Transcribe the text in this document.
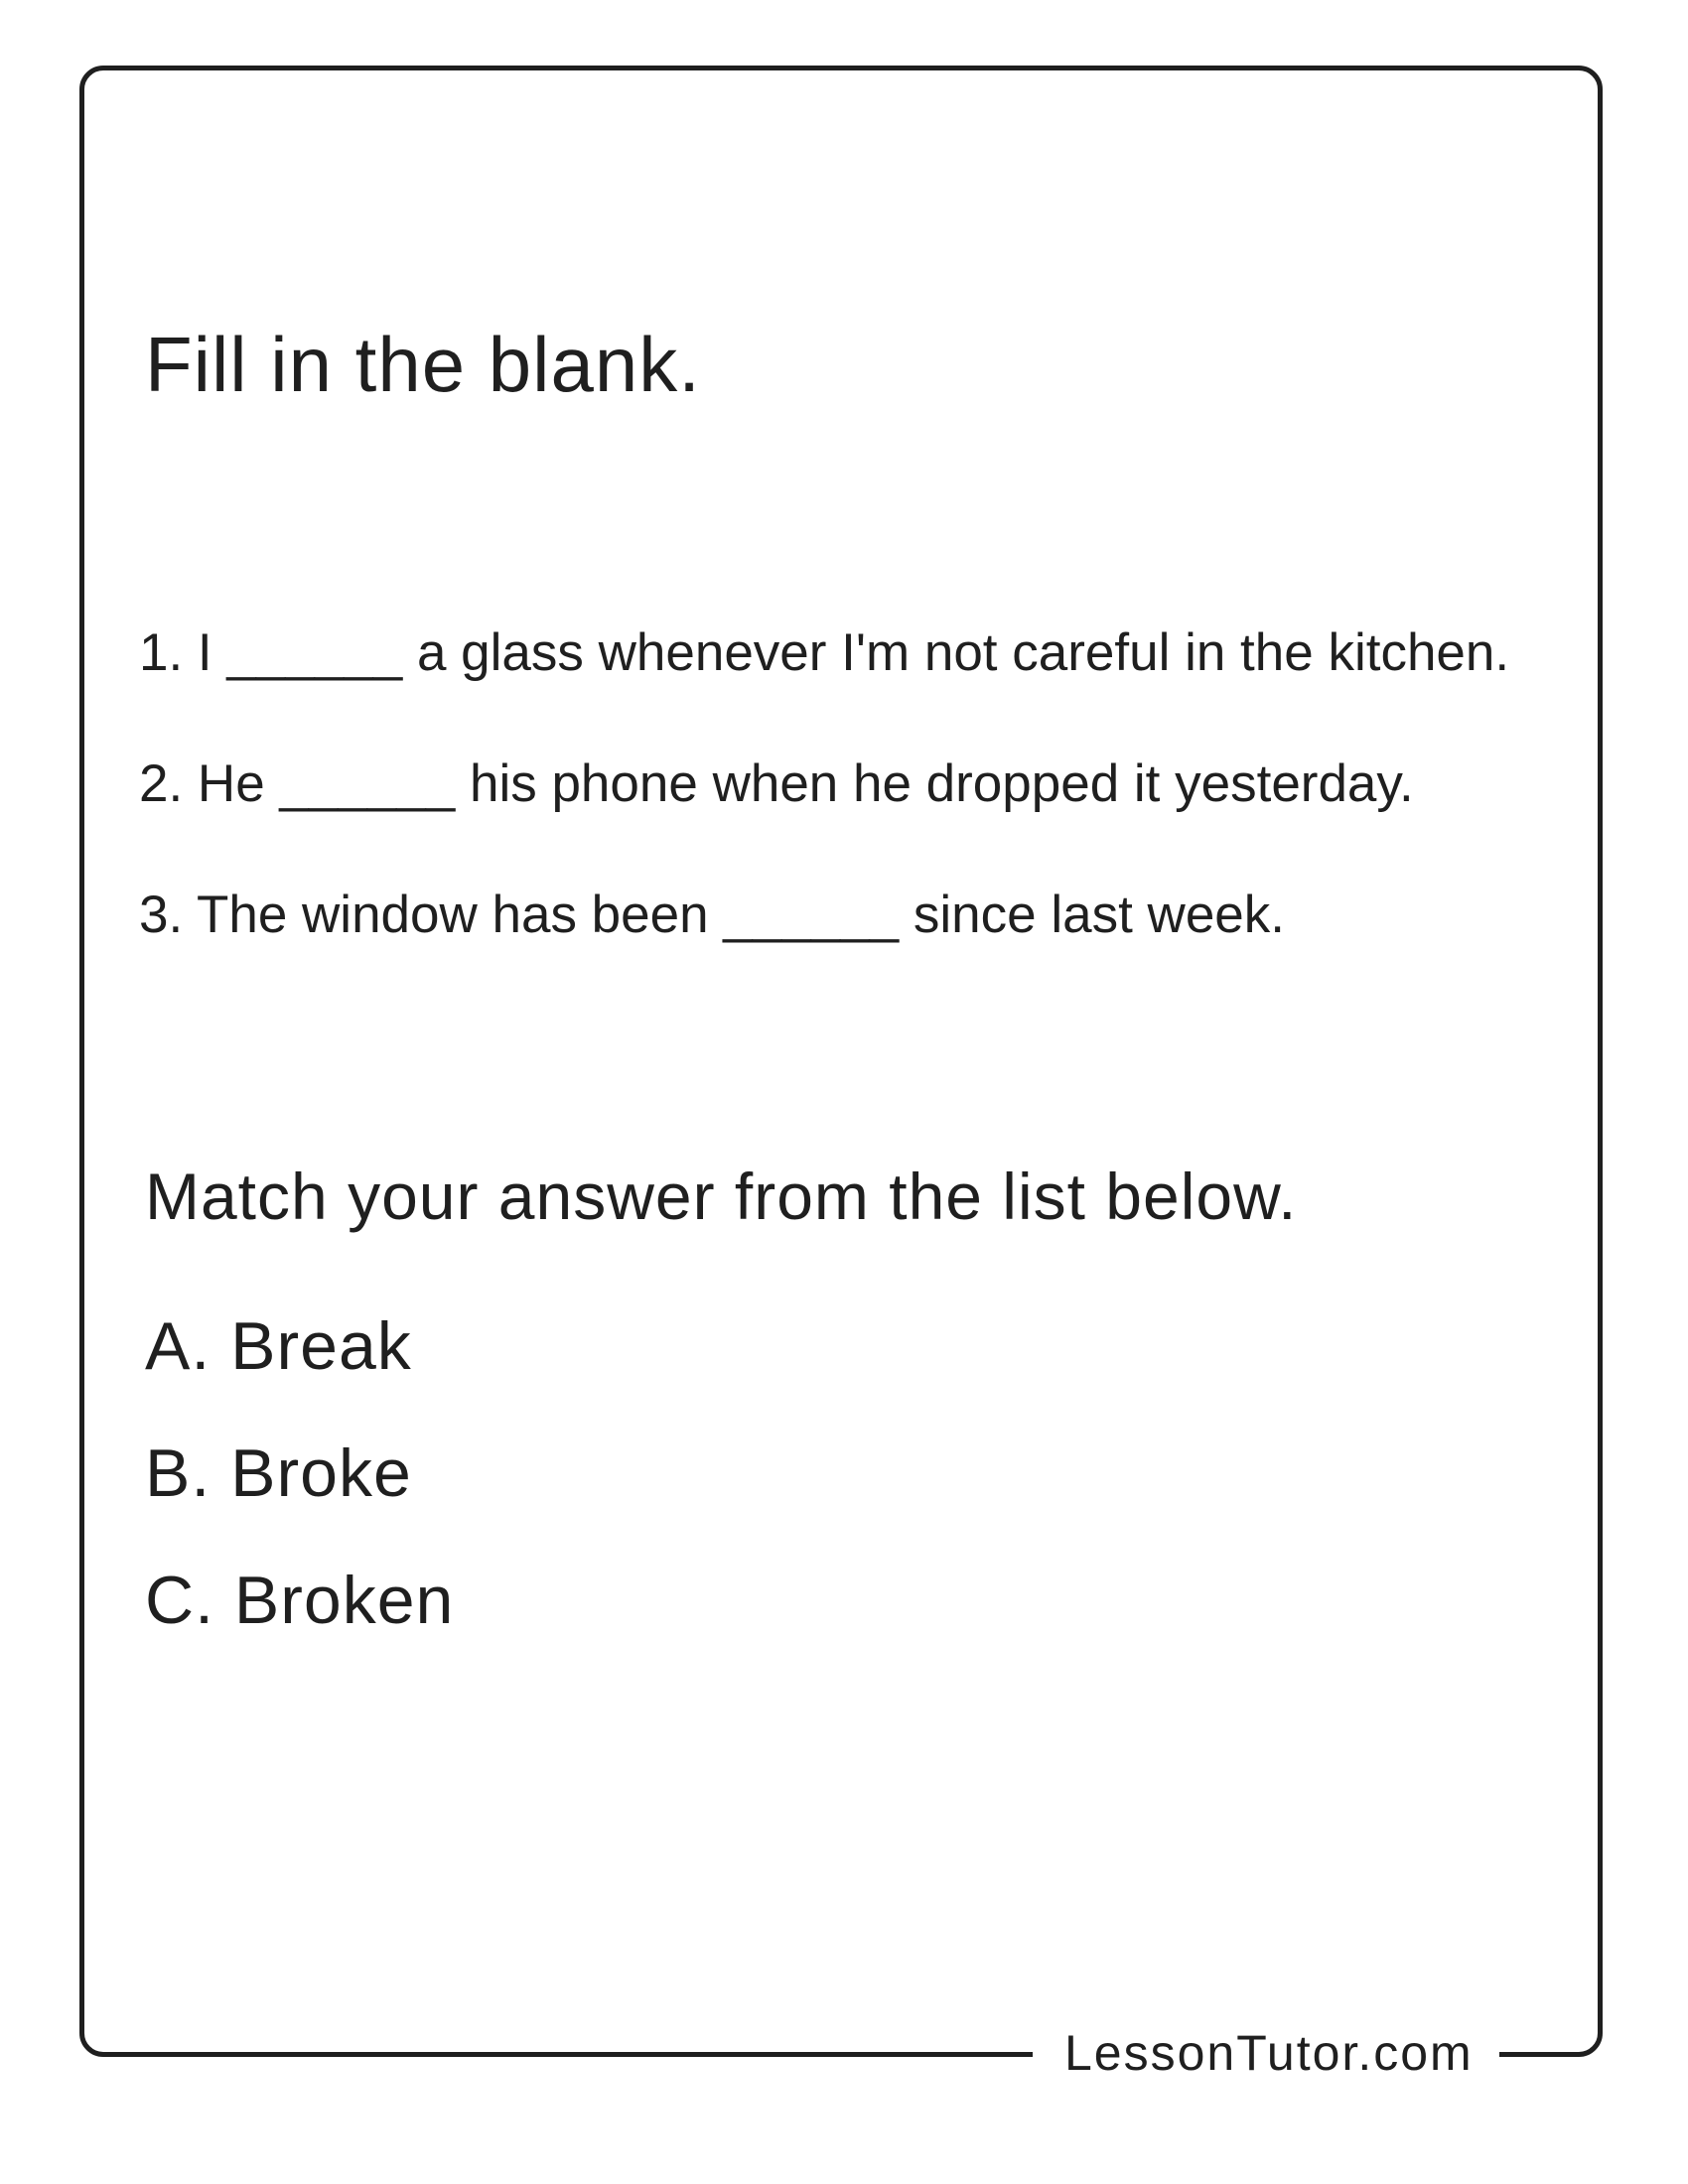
Fill in the blank.

1. I ______ a glass whenever I'm not careful in the kitchen.

2. He ______ his phone when he dropped it yesterday.

3. The window has been ______ since last week.

Match your answer from the list below.

A. Break

B. Broke

C. Broken

LessonTutor.com
